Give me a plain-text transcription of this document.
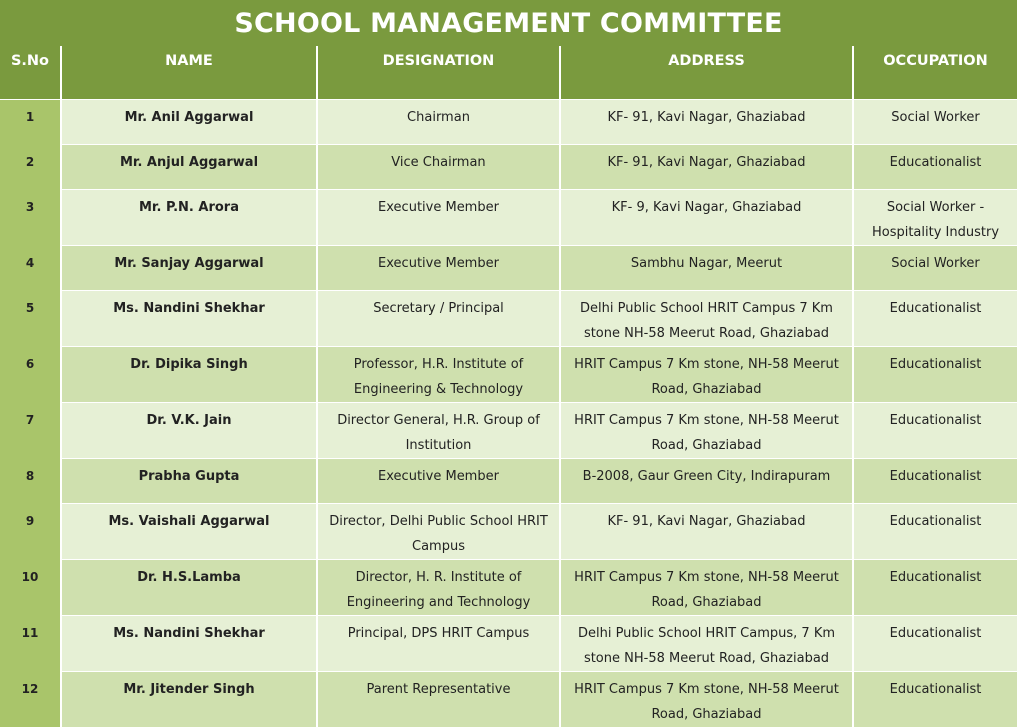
SCHOOL MANAGEMENT COMMITTEE
S.No	NAME	DESIGNATION	ADDRESS	OCCUPATION
1	Mr. Anil Aggarwal	Chairman	KF- 91, Kavi Nagar, Ghaziabad	Social Worker
2	Mr. Anjul Aggarwal	Vice Chairman	KF- 91, Kavi Nagar, Ghaziabad	Educationalist
3	Mr. P.N. Arora	Executive Member	KF- 9, Kavi Nagar, Ghaziabad	Social Worker - Hospitality Industry
4	Mr. Sanjay Aggarwal	Executive Member	Sambhu Nagar, Meerut	Social Worker
5	Ms. Nandini Shekhar	Secretary / Principal	Delhi Public School HRIT Campus 7 Km stone NH-58 Meerut Road, Ghaziabad	Educationalist
6	Dr. Dipika Singh	Professor, H.R. Institute of Engineering & Technology	HRIT Campus 7 Km stone, NH-58 Meerut Road, Ghaziabad	Educationalist
7	Dr. V.K. Jain	Director General, H.R. Group of Institution	HRIT Campus 7 Km stone, NH-58 Meerut Road, Ghaziabad	Educationalist
8	Prabha Gupta	Executive Member	B-2008, Gaur Green City, Indirapuram	Educationalist
9	Ms. Vaishali Aggarwal	Director, Delhi Public School HRIT Campus	KF- 91, Kavi Nagar, Ghaziabad	Educationalist
10	Dr. H.S.Lamba	Director, H. R. Institute of Engineering and Technology	HRIT Campus 7 Km stone, NH-58 Meerut Road, Ghaziabad	Educationalist
11	Ms. Nandini Shekhar	Principal, DPS HRIT Campus	Delhi Public School HRIT Campus, 7 Km stone NH-58 Meerut Road, Ghaziabad	Educationalist
12	Mr. Jitender Singh	Parent Representative	HRIT Campus 7 Km stone, NH-58 Meerut Road, Ghaziabad	Educationalist
